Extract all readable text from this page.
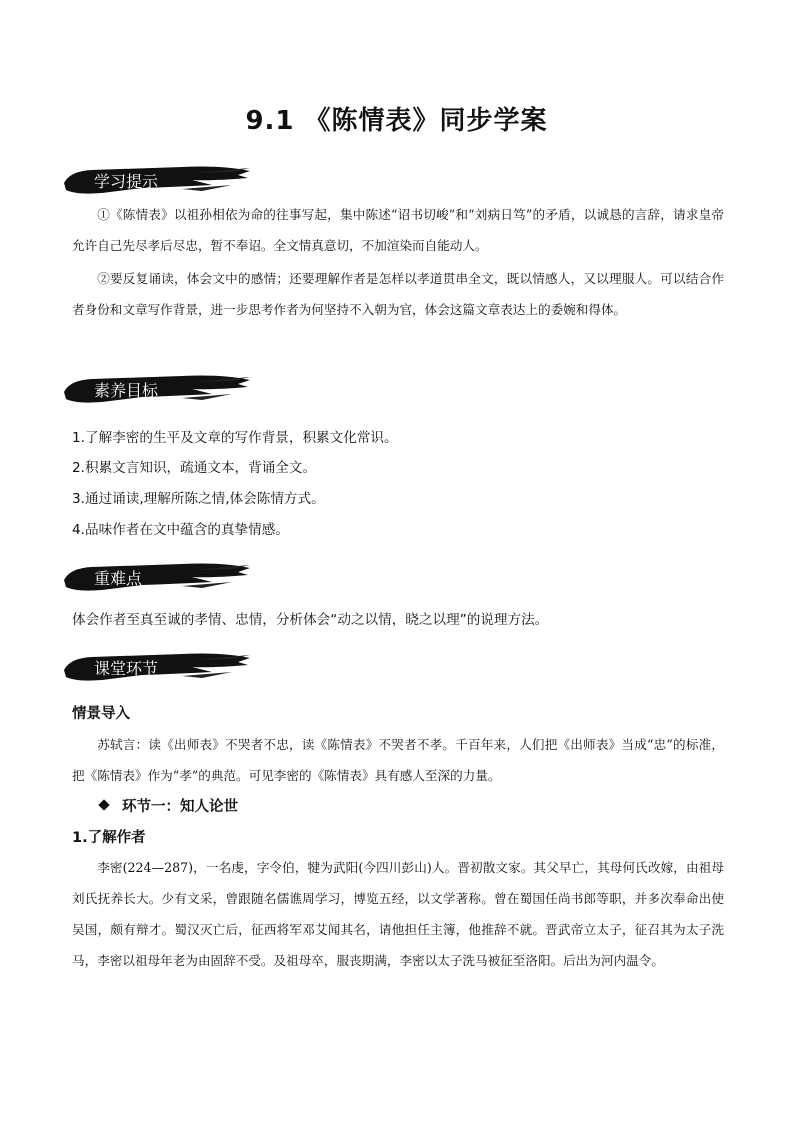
9.1 《陈情表》同步学案
学习提示

①《陈情表》以祖孙相依为命的往事写起，集中陈述“诏书切峻”和“刘病日笃”的矛盾，以诚恳的言辞，请求皇帝允许自己先尽孝后尽忠，暂不奉诏。全文情真意切，不加渲染而自能动人。

②要反复诵读，体会文中的感情；还要理解作者是怎样以孝道贯串全文，既以情感人，又以理服人。可以结合作者身份和文章写作背景，进一步思考作者为何坚持不入朝为官，体会这篇文章表达上的委婉和得体。

素养目标

1.了解李密的生平及文章的写作背景，积累文化常识。

2.积累文言知识，疏通文本，背诵全文。

3.通过诵读,理解所陈之情,体会陈情方式。

4.品味作者在文中蕴含的真挚情感。

重难点

体会作者至真至诚的孝情、忠情，分析体会“动之以情，晓之以理”的说理方法。

课堂环节

情景导入

苏轼言：读《出师表》不哭者不忠，读《陈情表》不哭者不孝。千百年来，人们把《出师表》当成“忠”的标准，把《陈情表》作为“孝”的典范。可见李密的《陈情表》具有感人至深的力量。

环节一：知人论世

1.了解作者

李密(224—287)，一名虔，字令伯，犍为武阳(今四川彭山)人。晋初散文家。其父早亡，其母何氏改嫁，由祖母刘氏抚养长大。少有文采，曾跟随名儒谯周学习，博览五经，以文学著称。曾在蜀国任尚书郎等职，并多次奉命出使吴国，颇有辩才。蜀汉灭亡后，征西将军邓艾闻其名，请他担任主簿，他推辞不就。晋武帝立太子，征召其为太子洗马，李密以祖母年老为由固辞不受。及祖母卒，服丧期满，李密以太子洗马被征至洛阳。后出为河内温令。
